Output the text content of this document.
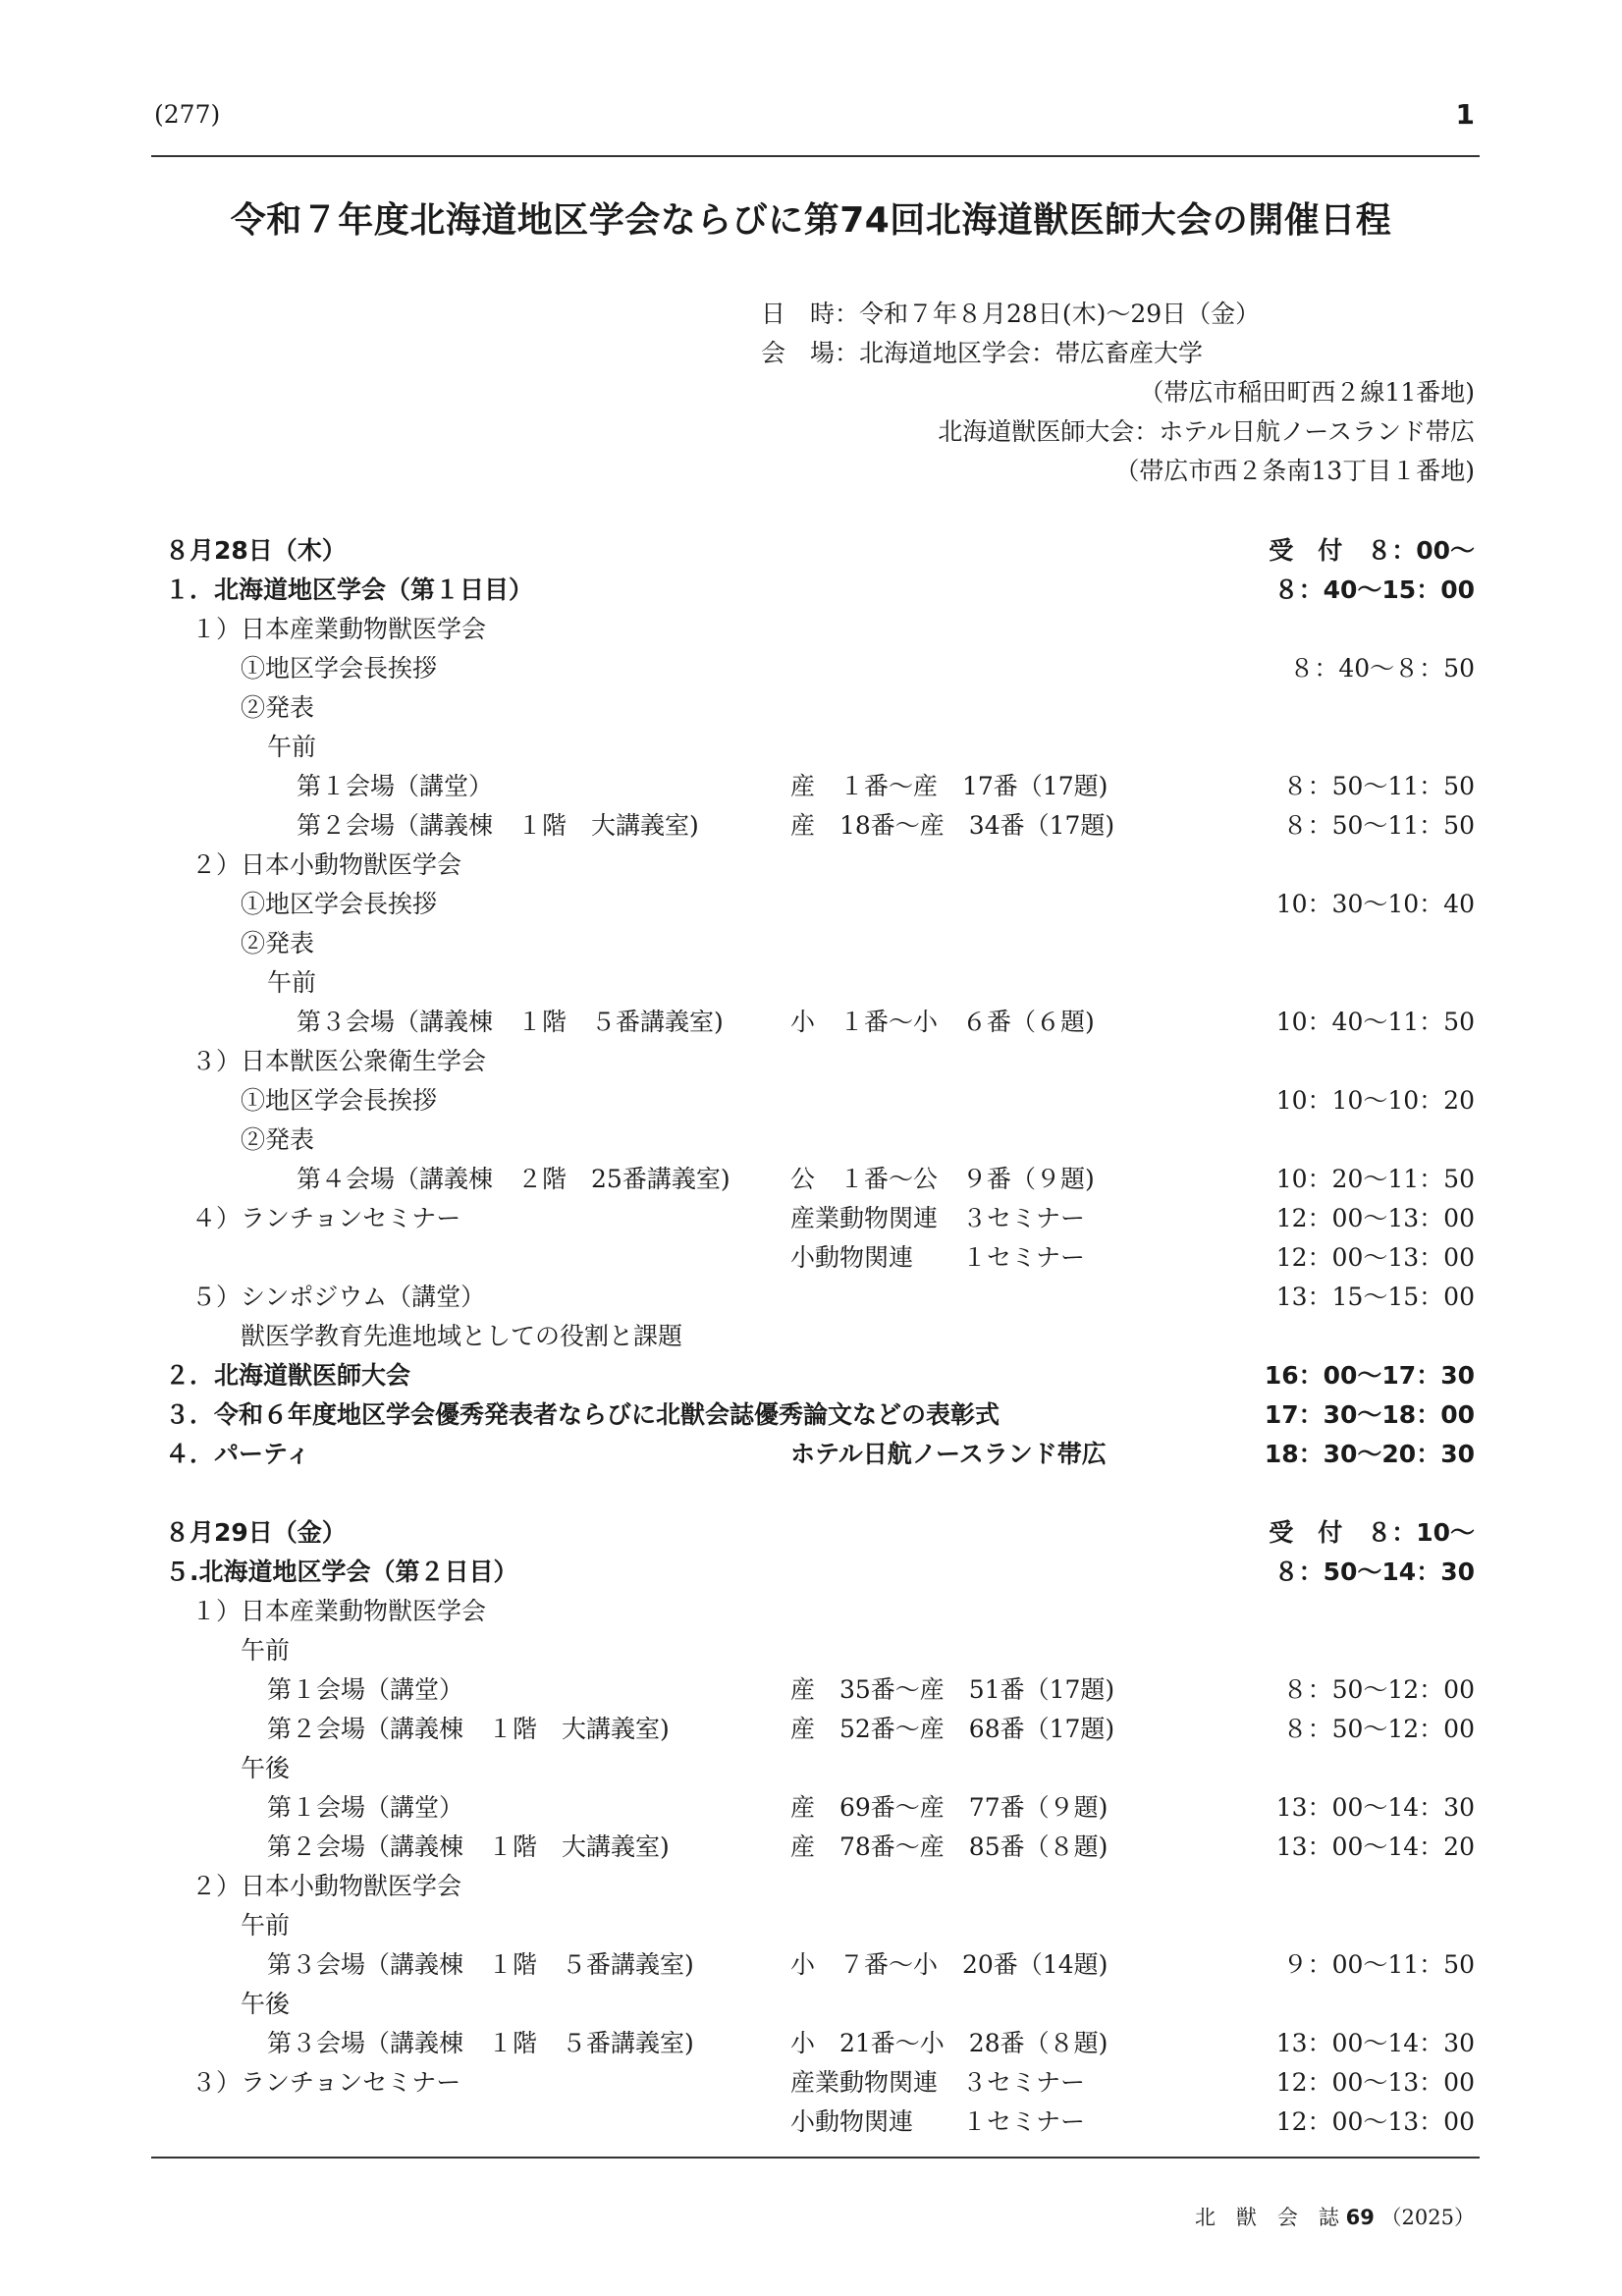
(277)	1
令和７年度北海道地区学会ならびに第74回北海道獣医師大会の開催日程
日　時：令和７年８月28日(木)～29日（金）
会　場：北海道地区学会：帯広畜産大学
（帯広市稲田町西２線11番地)
北海道獣医師大会：ホテル日航ノースランド帯広
（帯広市西２条南13丁目１番地)
８月28日（木）	受　付　８：00～
１．北海道地区学会（第１日目）	８：40～15：00
１）日本産業動物獣医学会
①地区学会長挨拶	８：40～８：50
②発表
午前
第１会場（講堂）	産　１番～産　17番（17題)	８：50～11：50
第２会場（講義棟　１階　大講義室)	産　18番～産　34番（17題)	８：50～11：50
２）日本小動物獣医学会
①地区学会長挨拶	10：30～10：40
②発表
午前
第３会場（講義棟　１階　５番講義室)	小　１番～小　６番（６題)	10：40～11：50
３）日本獣医公衆衛生学会
①地区学会長挨拶	10：10～10：20
②発表
第４会場（講義棟　２階　25番講義室) 公　１番～公　９番（９題)	10：20～11：50
４）ランチョンセミナー	産業動物関連　３セミナー	12：00～13：00
小動物関連　　１セミナー	12：00～13：00
５）シンポジウム（講堂）	13：15～15：00
獣医学教育先進地域としての役割と課題
２．北海道獣医師大会	16：00～17：30
３．令和６年度地区学会優秀発表者ならびに北獣会誌優秀論文などの表彰式	17：30～18：00
４．パーティ	ホテル日航ノースランド帯広	18：30～20：30
８月29日（金）	受　付　８：10～
５.北海道地区学会（第２日目）	８：50～14：30
１）日本産業動物獣医学会
午前
第１会場（講堂）	産　35番～産　51番（17題)	８：50～12：00
第２会場（講義棟　１階　大講義室)	産　52番～産　68番（17題)	８：50～12：00
午後
第１会場（講堂）	産　69番～産　77番（９題)	13：00～14：30
第２会場（講義棟　１階　大講義室)	産　78番～産　85番（８題)	13：00～14：20
２）日本小動物獣医学会
午前
第３会場（講義棟　１階　５番講義室)	小　７番～小　20番（14題)	９：00～11：50
午後
第３会場（講義棟　１階　５番講義室)	小　21番～小　28番（８題)	13：00～14：30
３）ランチョンセミナー	産業動物関連　３セミナー	12：00～13：00
小動物関連　　１セミナー	12：00～13：00
北　獣　会　誌 69 （2025）
